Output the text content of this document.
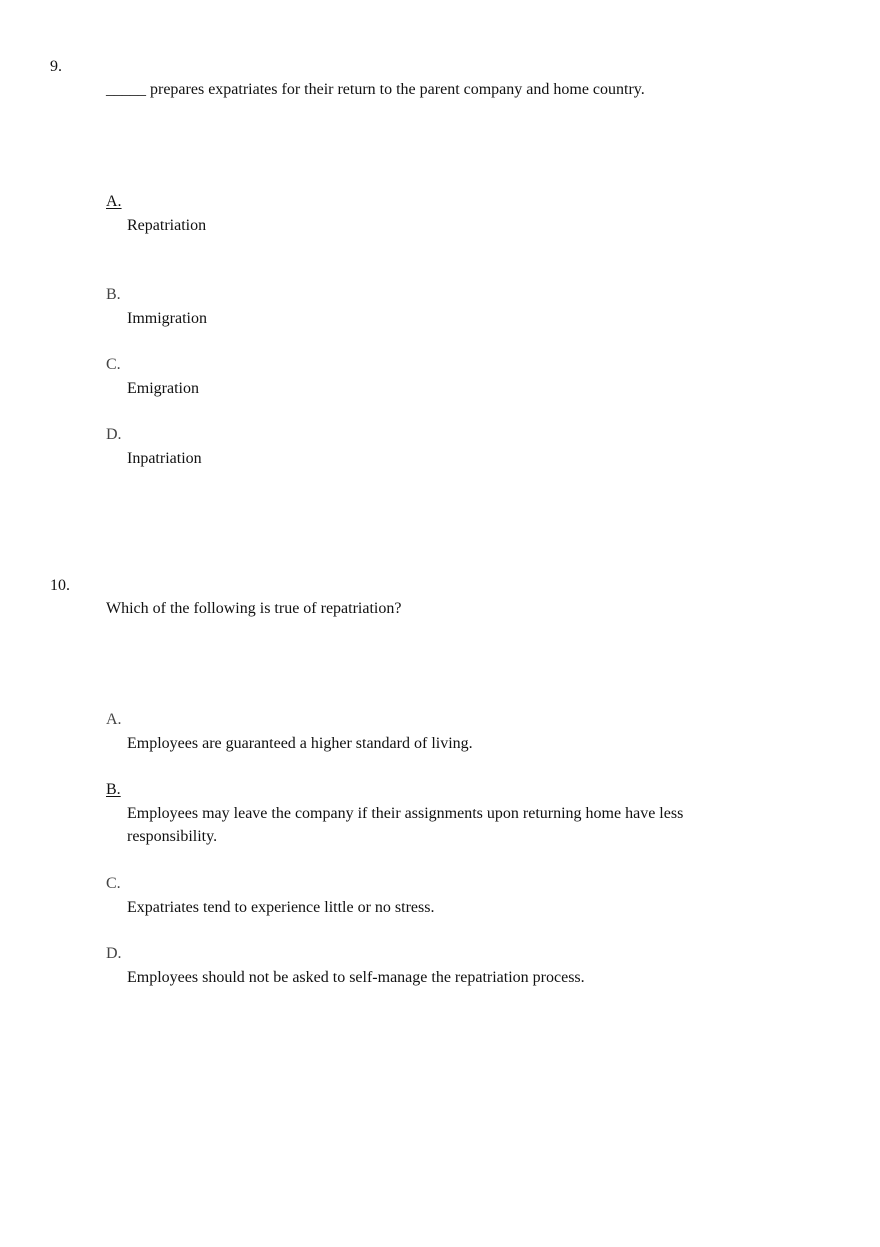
9.
_____ prepares expatriates for their return to the parent company and home country.
A.
Repatriation
B.
Immigration
C.
Emigration
D.
Inpatriation
10.
Which of the following is true of repatriation?
A.
Employees are guaranteed a higher standard of living.
B.
Employees may leave the company if their assignments upon returning home have less responsibility.
C.
Expatriates tend to experience little or no stress.
D.
Employees should not be asked to self-manage the repatriation process.
